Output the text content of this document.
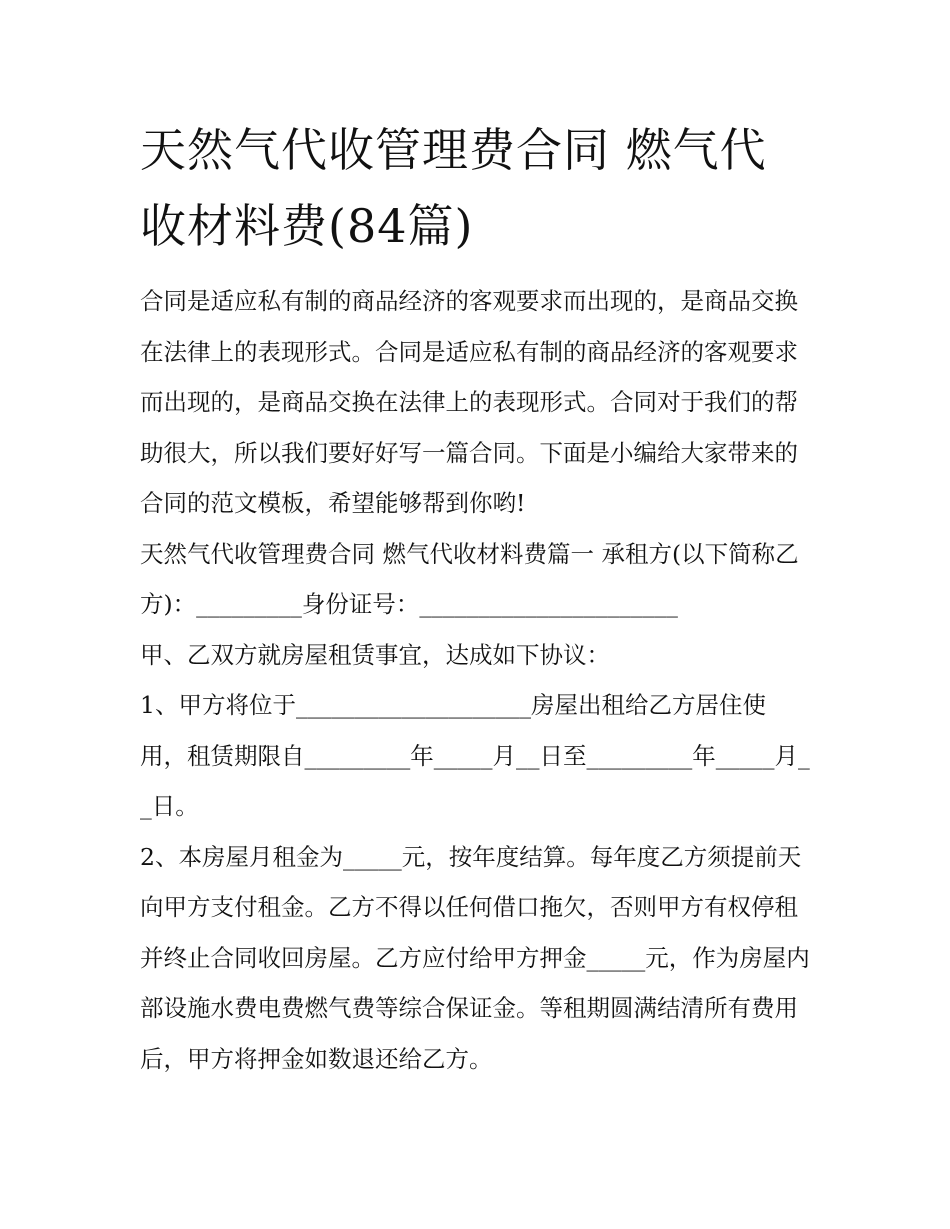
天然气代收管理费合同 燃气代收材料费(84篇)

合同是适应私有制的商品经济的客观要求而出现的，是商品交换在法律上的表现形式。合同是适应私有制的商品经济的客观要求而出现的，是商品交换在法律上的表现形式。合同对于我们的帮助很大，所以我们要好好写一篇合同。下面是小编给大家带来的合同的范文模板，希望能够帮到你哟!

天然气代收管理费合同 燃气代收材料费篇一 承租方(以下简称乙方)：_________身份证号：______________________

甲、乙双方就房屋租赁事宜，达成如下协议：

1、甲方将位于____________________房屋出租给乙方居住使用，租赁期限自_________年_____月__日至_________年_____月__日。

2、本房屋月租金为_____元，按年度结算。每年度乙方须提前天向甲方支付租金。乙方不得以任何借口拖欠，否则甲方有权停租并终止合同收回房屋。乙方应付给甲方押金_____元，作为房屋内部设施水费电费燃气费等综合保证金。等租期圆满结清所有费用后，甲方将押金如数退还给乙方。
